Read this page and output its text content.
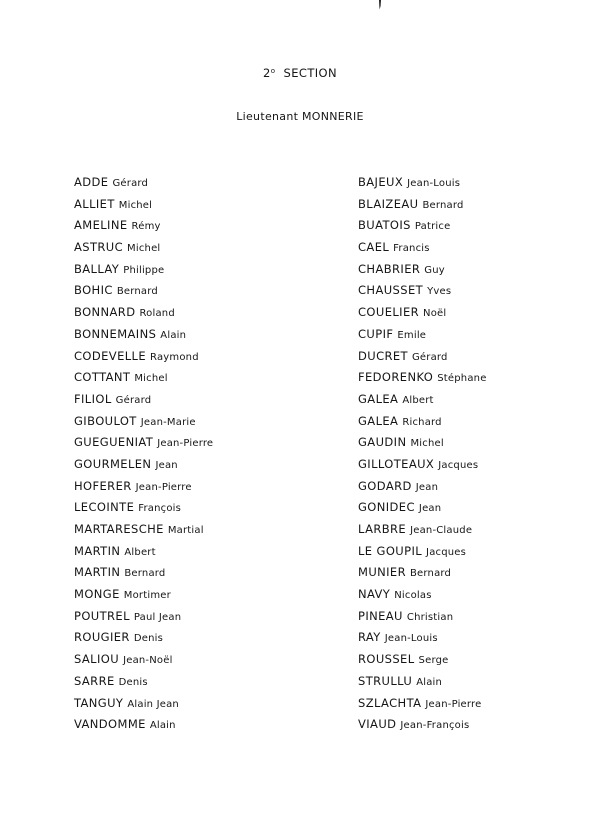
2$^o$ SECTION
Lieutenant MONNERIE
ADDE Gérard
ALLIET Michel
AMELINE Rémy
ASTRUC Michel
BALLAY Philippe
BOHIC Bernard
BONNARD Roland
BONNEMAINS Alain
CODEVELLE Raymond
COTTANT Michel
FILIOL Gérard
GIBOULOT Jean-Marie
GUEGUENIAT Jean-Pierre
GOURMELEN Jean
HOFERER Jean-Pierre
LECOINTE François
MARTARESCHE Martial
MARTIN Albert
MARTIN Bernard
MONGE Mortimer
POUTREL Paul Jean
ROUGIER Denis
SALIOU Jean-Noël
SARRE Denis
TANGUY Alain Jean
VANDOMME Alain
BAJEUX Jean-Louis
BLAIZEAU Bernard
BUATOIS Patrice
CAEL Francis
CHABRIER Guy
CHAUSSET Yves
COUELIER Noël
CUPIF Emile
DUCRET Gérard
FEDORENKO Stéphane
GALEA Albert
GALEA Richard
GAUDIN Michel
GILLOTEAUX Jacques
GODARD Jean
GONIDEC Jean
LARBRE Jean-Claude
LE GOUPIL Jacques
MUNIER Bernard
NAVY Nicolas
PINEAU Christian
RAY Jean-Louis
ROUSSEL Serge
STRULLU Alain
SZLACHTA Jean-Pierre
VIAUD Jean-François
